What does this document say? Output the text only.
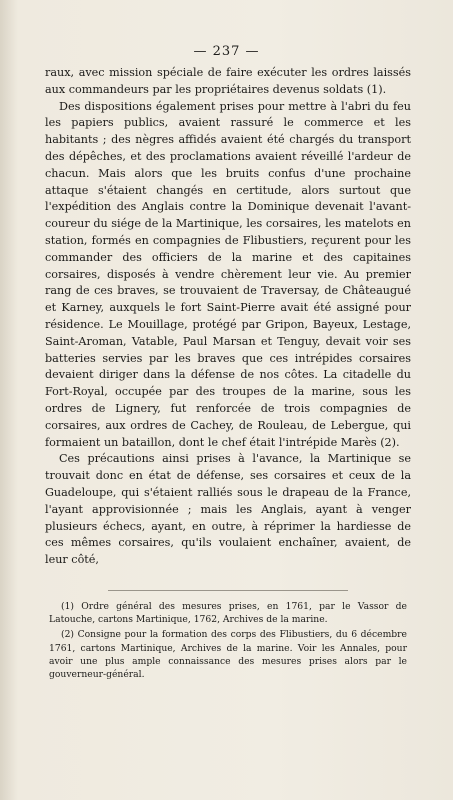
— 237 —

raux, avec mission spéciale de faire exécuter les ordres laissés aux commandeurs par les propriétaires devenus soldats (1).

Des dispositions également prises pour mettre à l'abri du feu les papiers publics, avaient rassuré le commerce et les habitants ; des nègres affidés avaient été chargés du transport des dépêches, et des proclamations avaient réveillé l'ardeur de chacun. Mais alors que les bruits confus d'une prochaine attaque s'étaient changés en certitude, alors surtout que l'expédition des Anglais contre la Dominique devenait l'avant-coureur du siége de la Martinique, les corsaires, les matelots en station, formés en compagnies de Flibustiers, reçurent pour les commander des officiers de la marine et des capitaines corsaires, disposés à vendre chèrement leur vie. Au premier rang de ces braves, se trouvaient de Traversay, de Châteaugué et Karney, auxquels le fort Saint-Pierre avait été assigné pour résidence. Le Mouillage, protégé par Gripon, Bayeux, Lestage, Saint-Aroman, Vatable, Paul Marsan et Tenguy, devait voir ses batteries servies par les braves que ces intrépides corsaires devaient diriger dans la défense de nos côtes. La citadelle du Fort-Royal, occupée par des troupes de la marine, sous les ordres de Lignery, fut renforcée de trois compagnies de corsaires, aux ordres de Cachey, de Rouleau, de Lebergue, qui formaient un bataillon, dont le chef était l'intrépide Marès (2).

Ces précautions ainsi prises à l'avance, la Martinique se trouvait donc en état de défense, ses corsaires et ceux de la Guadeloupe, qui s'étaient ralliés sous le drapeau de la France, l'ayant approvisionnée ; mais les Anglais, ayant à venger plusieurs échecs, ayant, en outre, à réprimer la hardiesse de ces mêmes corsaires, qu'ils voulaient enchaîner, avaient, de leur côté,

(1) Ordre général des mesures prises, en 1761, par le Vassor de Latouche, cartons Martinique, 1762, Archives de la marine.

(2) Consigne pour la formation des corps des Flibustiers, du 6 décembre 1761, cartons Martinique, Archives de la marine. Voir les Annales, pour avoir une plus ample connaissance des mesures prises alors par le gouverneur-général.
